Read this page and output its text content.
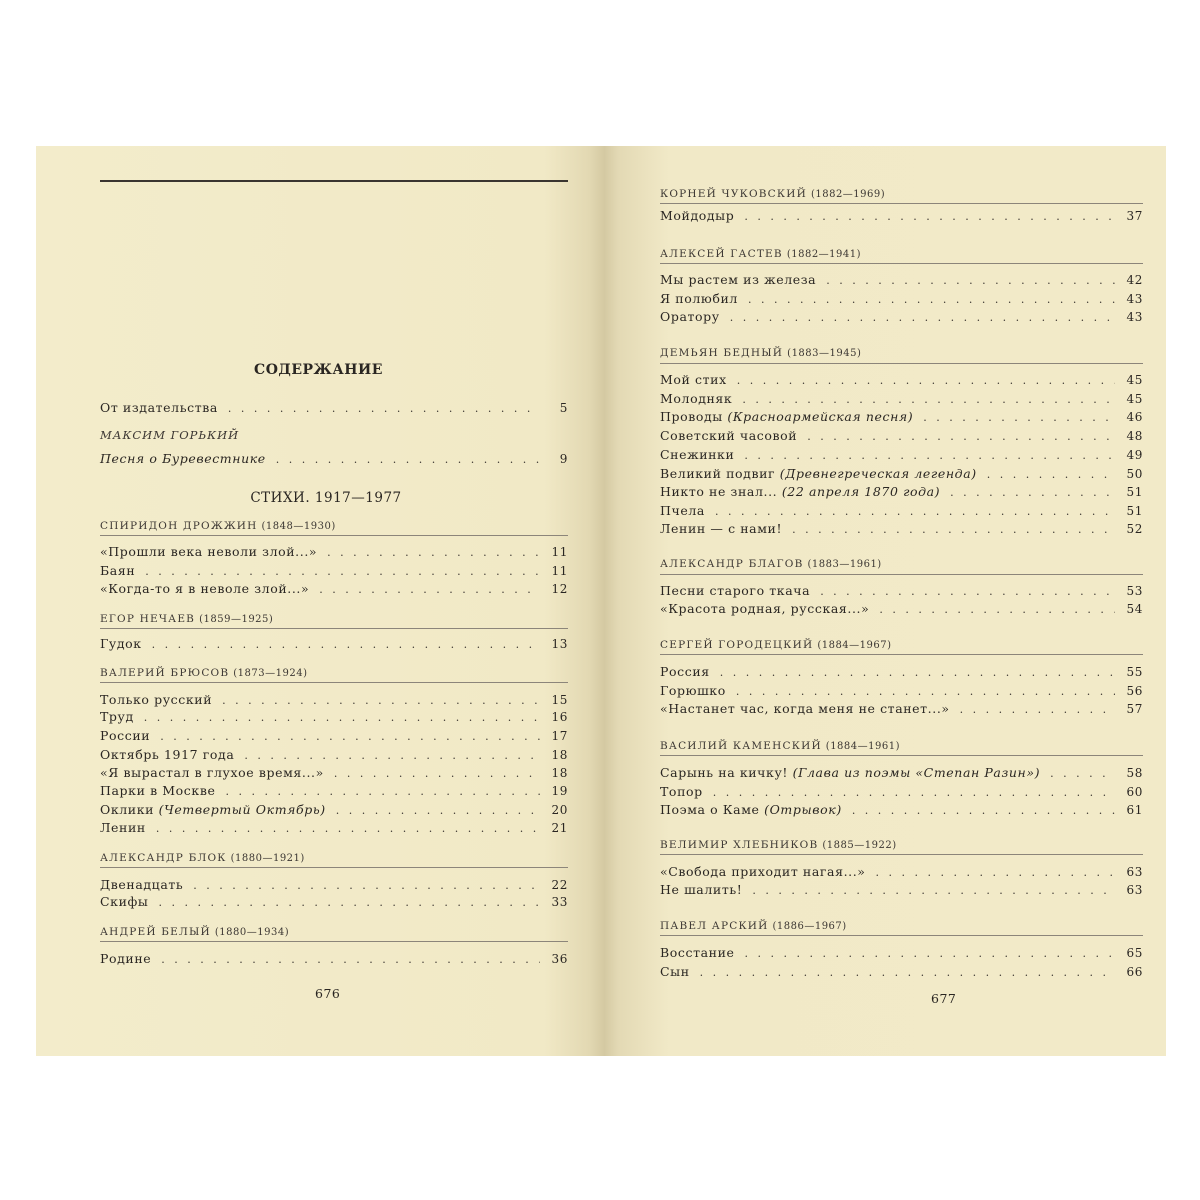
СОДЕРЖАНИЕ
СТИХИ. 1917—1977
676
От издательства .....	5
МАКСИМ ГОРЬКИЙ
Песня о Буревестнике .....	9
СПИРИДОН ДРОЖЖИН (1848—1930)
«Прошли века неволи злой...» .....	11
Баян .....	11
«Когда-то я в неволе злой...» .....	12
ЕГОР НЕЧАЕВ (1859—1925)
Гудок .....	13
ВАЛЕРИЙ БРЮСОВ (1873—1924)
Только русский .....	15
Труд .....	16
России .....	17
Октябрь 1917 года .....	18
«Я вырастал в глухое время...» .....	18
Парки в Москве .....	19
Оклики (Четвертый Октябрь) .....	20
Ленин .....	21
АЛЕКСАНДР БЛОК (1880—1921)
Двенадцать .....	22
Скифы .....	33
АНДРЕЙ БЕЛЫЙ (1880—1934)
Родине .....	36
677
КОРНЕЙ ЧУКОВСКИЙ (1882—1969)
Мойдодыр .....	37
АЛЕКСЕЙ ГАСТЕВ (1882—1941)
Мы растем из железа .....	42
Я полюбил .....	43
Оратору .....	43
ДЕМЬЯН БЕДНЫЙ (1883—1945)
Мой стих .....	45
Молодняк .....	45
Проводы (Красноармейская песня) .....	46
Советский часовой .....	48
Снежинки .....	49
Великий подвиг (Древнегреческая легенда) .....	50
Никто не знал... (22 апреля 1870 года) .....	51
Пчела .....	51
Ленин — с нами! .....	52
АЛЕКСАНДР БЛАГОВ (1883—1961)
Песни старого ткача .....	53
«Красота родная, русская...» .....	54
СЕРГЕЙ ГОРОДЕЦКИЙ (1884—1967)
Россия .....	55
Горюшко .....	56
«Настанет час, когда меня не станет...» .....	57
ВАСИЛИЙ КАМЕНСКИЙ (1884—1961)
Сарынь на кичку! (Глава из поэмы «Степан Разин») .....	58
Топор .....	60
Поэма о Каме (Отрывок) .....	61
ВЕЛИМИР ХЛЕБНИКОВ (1885—1922)
«Свобода приходит нагая...» .....	63
Не шалить! .....	63
ПАВЕЛ АРСКИЙ (1886—1967)
Восстание .....	65
Сын .....	66
